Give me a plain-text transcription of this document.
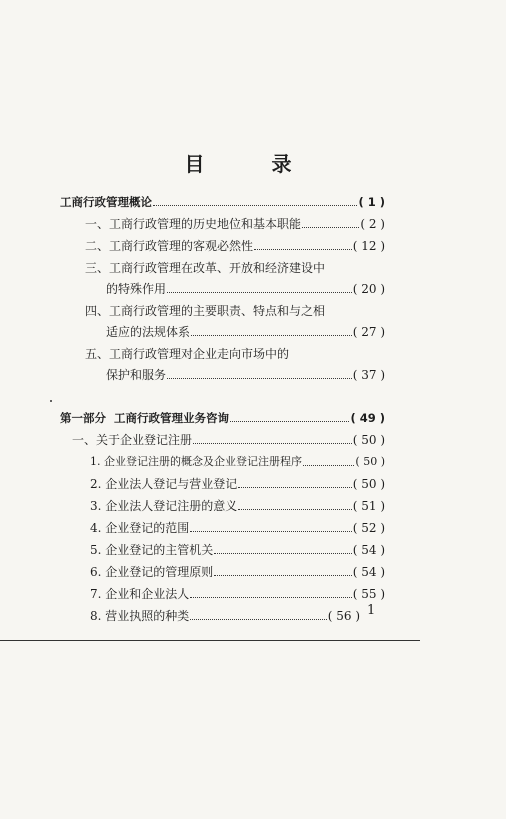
目 录
工商行政管理概论	( 1 )
一、工商行政管理的历史地位和基本职能	( 2 )
二、工商行政管理的客观必然性	( 12 )
三、工商行政管理在改革、开放和经济建设中
的特殊作用	( 20 )
四、工商行政管理的主要职责、特点和与之相
适应的法规体系	( 27 )
五、工商行政管理对企业走向市场中的
保护和服务	( 37 )
第一部分  工商行政管理业务咨询	( 49 )
一、关于企业登记注册	( 50 )
1. 企业登记注册的概念及企业登记注册程序	( 50 )
2. 企业法人登记与营业登记	( 50 )
3. 企业法人登记注册的意义	( 51 )
4. 企业登记的范围	( 52 )
5. 企业登记的主管机关	( 54 )
6. 企业登记的管理原则	( 54 )
7. 企业和企业法人	( 55 )
8. 营业执照的种类	( 56 ) 1
